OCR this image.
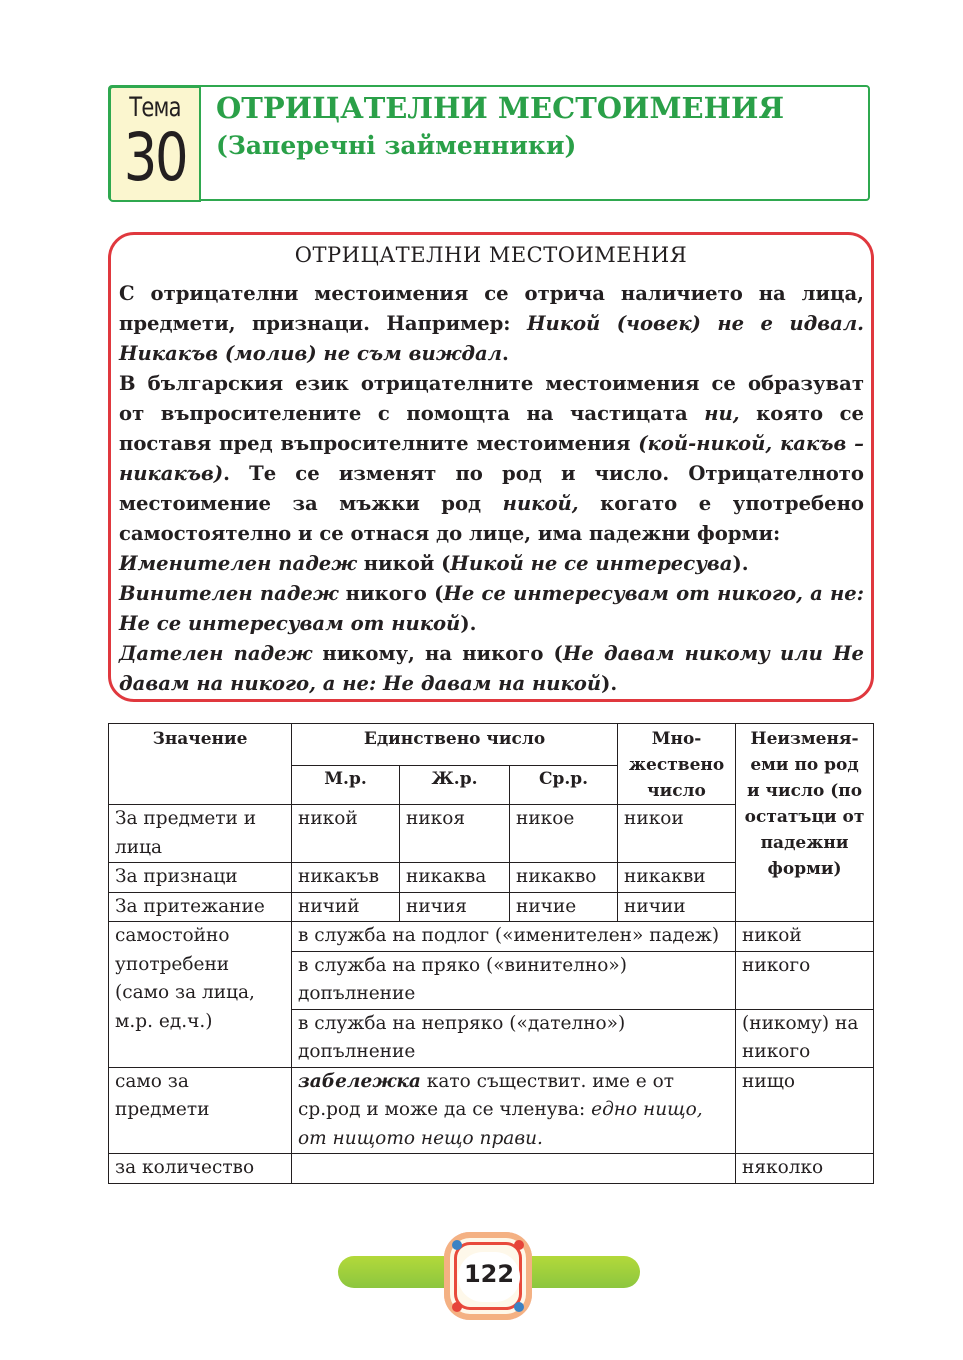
Тема
30
ОТРИЦАТЕЛНИ МЕСТОИМЕНИЯ
(Заперечні займенники)
ОТРИЦАТЕЛНИ МЕСТОИМЕНИЯ

С отрицателни местоимения се отрича наличието на лица, предмети, признаци. Например: Никой (човек) не е идвал. Никакъв (молив) не съм виждал.

В българския език отрицателните местоимения се образуват от въпросителените с помощта на частицата ни, която се поставя пред въпросителните местоимения (кой-никой, какъв – никакъв). Те се изменят по род и число. Отрицателното местоимение за мъжки род никой, когато е употребено самостоятелно и се отнася до лице, има падежни форми:

Именителен падеж никой (Никой не се интересува).

Винителен падеж никого (Не се интересувам от никого, а не: Не се интересувам от никой).

Дателен падеж никому, на никого (Не давам никому или Не давам на никого, а не: Не давам на никой).

Значение	Единствено число			Мно-жествено число	Неизменя-еми по род и число (по остатъци от падежни форми)
	М.р.	Ж.р.	Ср.р.		
За предмети и лица	никой	никоя	никое	никои	
За признаци	никакъв	никаква	никакво	никакви	
За притежание	ничий	ничия	ничие	ничии	
самостойно употребени (само за лица, м.р. ед.ч.)	в служба на подлог («именителен» падеж)				никой
	в служба на пряко («винително») допълнение				никого
	в служба на непряко («дателно») допълнение				(никому) на никого
само за предмети	забележка като съществит. име е от ср.род и може да се членува: едно нищо, от нищото нещо прави.				нищо
за количество					няколко
122
